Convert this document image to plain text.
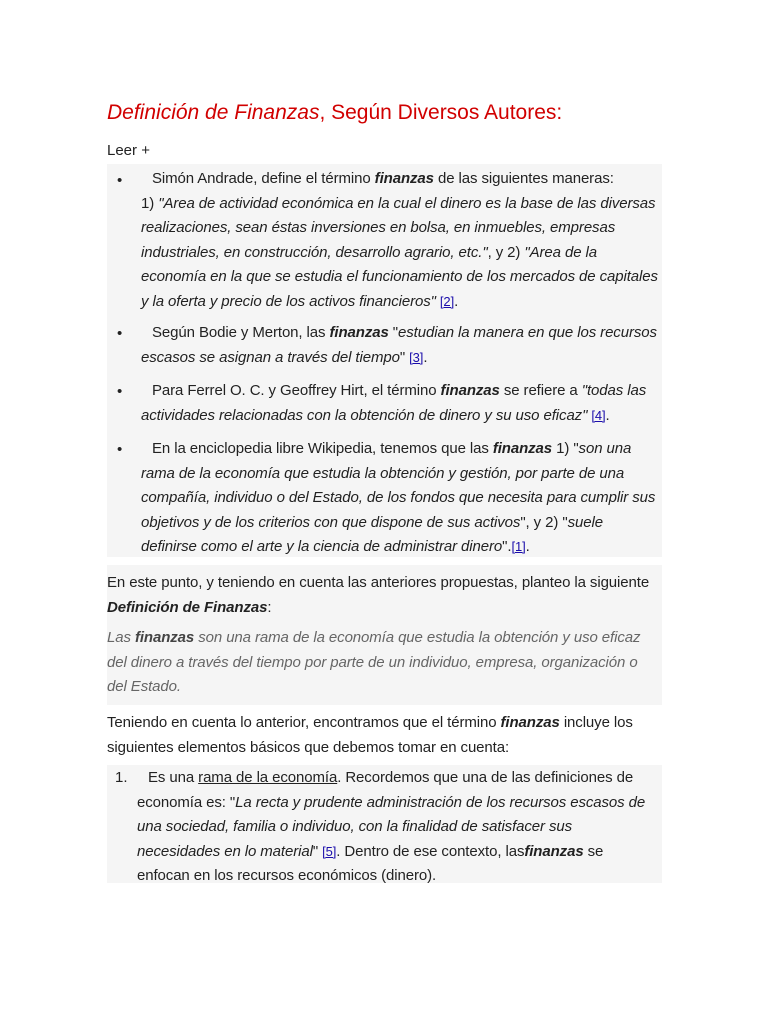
Definición de Finanzas, Según Diversos Autores:
Leer +
•	Simón Andrade, define el término finanzas de las siguientes maneras:
1) "Area de actividad económica en la cual el dinero es la base de las diversas realizaciones, sean éstas inversiones en bolsa, en inmuebles, empresas industriales, en construcción, desarrollo agrario, etc.", y 2) "Area de la economía en la que se estudia el funcionamiento de los mercados de capitales y la oferta y precio de los activos financieros" [2].
•	Según Bodie y Merton, las finanzas "estudian la manera en que los recursos escasos se asignan a través del tiempo" [3].
•	Para Ferrel O. C. y Geoffrey Hirt, el término finanzas se refiere a "todas las actividades relacionadas con la obtención de dinero y su uso eficaz" [4].
•	En la enciclopedia libre Wikipedia, tenemos que las finanzas 1) "son una rama de la economía que estudia la obtención y gestión, por parte de una compañía, individuo o del Estado, de los fondos que necesita para cumplir sus objetivos y de los criterios con que dispone de sus activos", y 2) "suele definirse como el arte y la ciencia de administrar dinero".[1].
En este punto, y teniendo en cuenta las anteriores propuestas, planteo la siguiente Definición de Finanzas:
Las finanzas son una rama de la economía que estudia la obtención y uso eficaz del dinero a través del tiempo por parte de un individuo, empresa, organización o del Estado.
Teniendo en cuenta lo anterior, encontramos que el término finanzas incluye los siguientes elementos básicos que debemos tomar en cuenta:
1.	Es una rama de la economía. Recordemos que una de las definiciones de economía es: "La recta y prudente administración de los recursos escasos de una sociedad, familia o individuo, con la finalidad de satisfacer sus necesidades en lo material" [5]. Dentro de ese contexto, lasfinanzas se enfocan en los recursos económicos (dinero).
